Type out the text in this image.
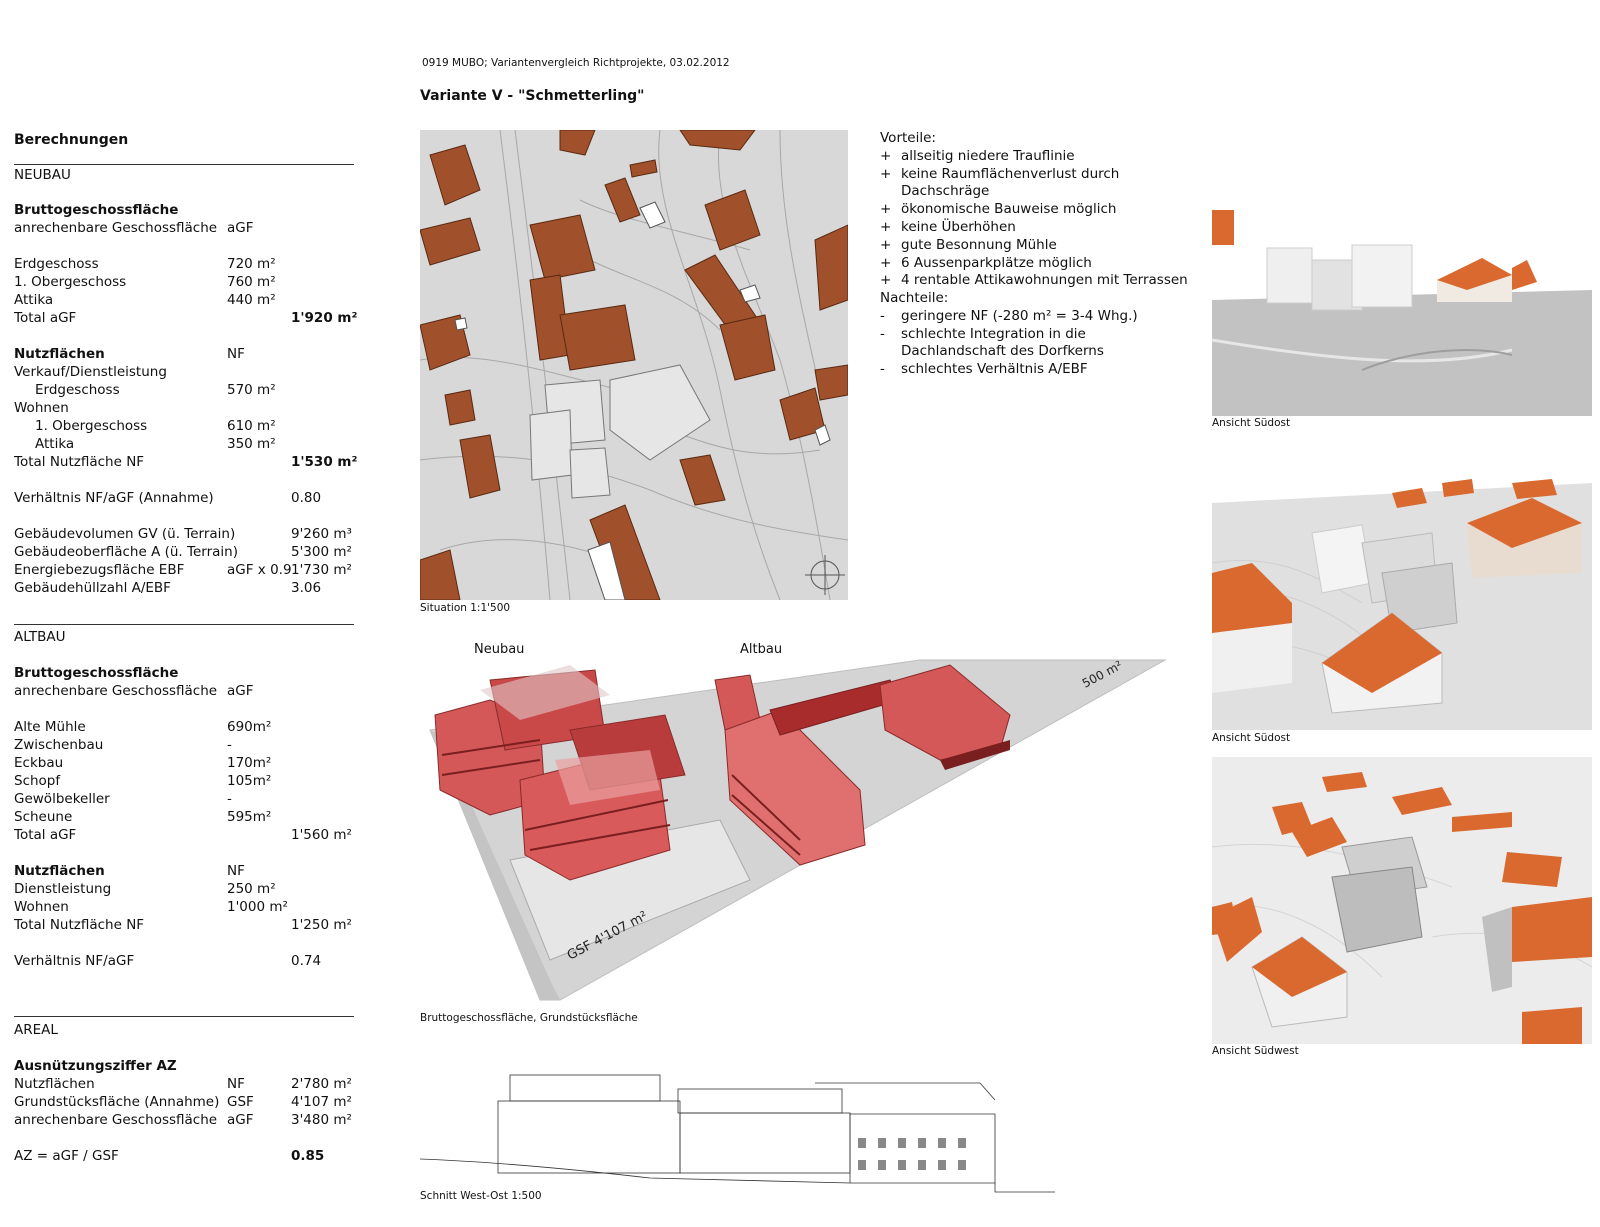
0919 MUBO; Variantenvergleich Richtprojekte, 03.02.2012
Variante V - "Schmetterling"
Berechnungen
NEUBAU
Bruttogeschossfläche
anrechenbare Geschossfläche aGF
Erdgeschoss	720 m²
1. Obergeschoss	760 m²
Attika	440 m²
Total aGF	1'920 m²
Nutzflächen	NF
Verkauf/Dienstleistung
Erdgeschoss	570 m²
Wohnen
1. Obergeschoss	610 m²
Attika	350 m²
Total Nutzfläche NF	1'530 m²
Verhältnis NF/aGF (Annahme)	0.80
Gebäudevolumen GV (ü. Terrain)	9'260 m³
Gebäudeoberfläche A (ü. Terrain)	5'300 m²
Energiebezugsfläche EBF	aGF x 0.9 1'730 m²
Gebäudehüllzahl A/EBF	3.06
ALTBAU
Bruttogeschossfläche
anrechenbare Geschossfläche aGF
Alte Mühle	690m²
Zwischenbau	-
Eckbau	170m²
Schopf	105m²
Gewölbekeller	-
Scheune	595m²
Total aGF	1'560 m²
Nutzflächen	NF
Dienstleistung	250 m²
Wohnen	1'000 m²
Total Nutzfläche NF	1'250 m²
Verhältnis NF/aGF	0.74
AREAL
Ausnützungsziffer AZ
Nutzflächen	NF	2'780 m²
Grundstücksfläche (Annahme) GSF	4'107 m²
anrechenbare Geschossfläche aGF	3'480 m²
AZ = aGF / GSF	0.85
Situation 1:1'500
Vorteile:
+ allseitig niedere Trauflinie
+ keine Raumflächenverlust durch Dachschräge
+ ökonomische Bauweise möglich
+ keine Überhöhen
+ gute Besonnung Mühle
+ 6 Aussenparkplätze möglich
+ 4 rentable Attikawohnungen mit Terrassen
Nachteile:
- geringere NF (-280 m² = 3-4 Whg.)
- schlechte Integration in die Dachlandschaft des Dorfkerns
- schlechtes Verhältnis A/EBF
500 m²
GSF 4'107 m²
Neubau	Altbau
Bruttogeschossfläche, Grundstücksfläche
Schnitt West-Ost 1:500
Ansicht Südost
Ansicht Südost
Ansicht Südwest
